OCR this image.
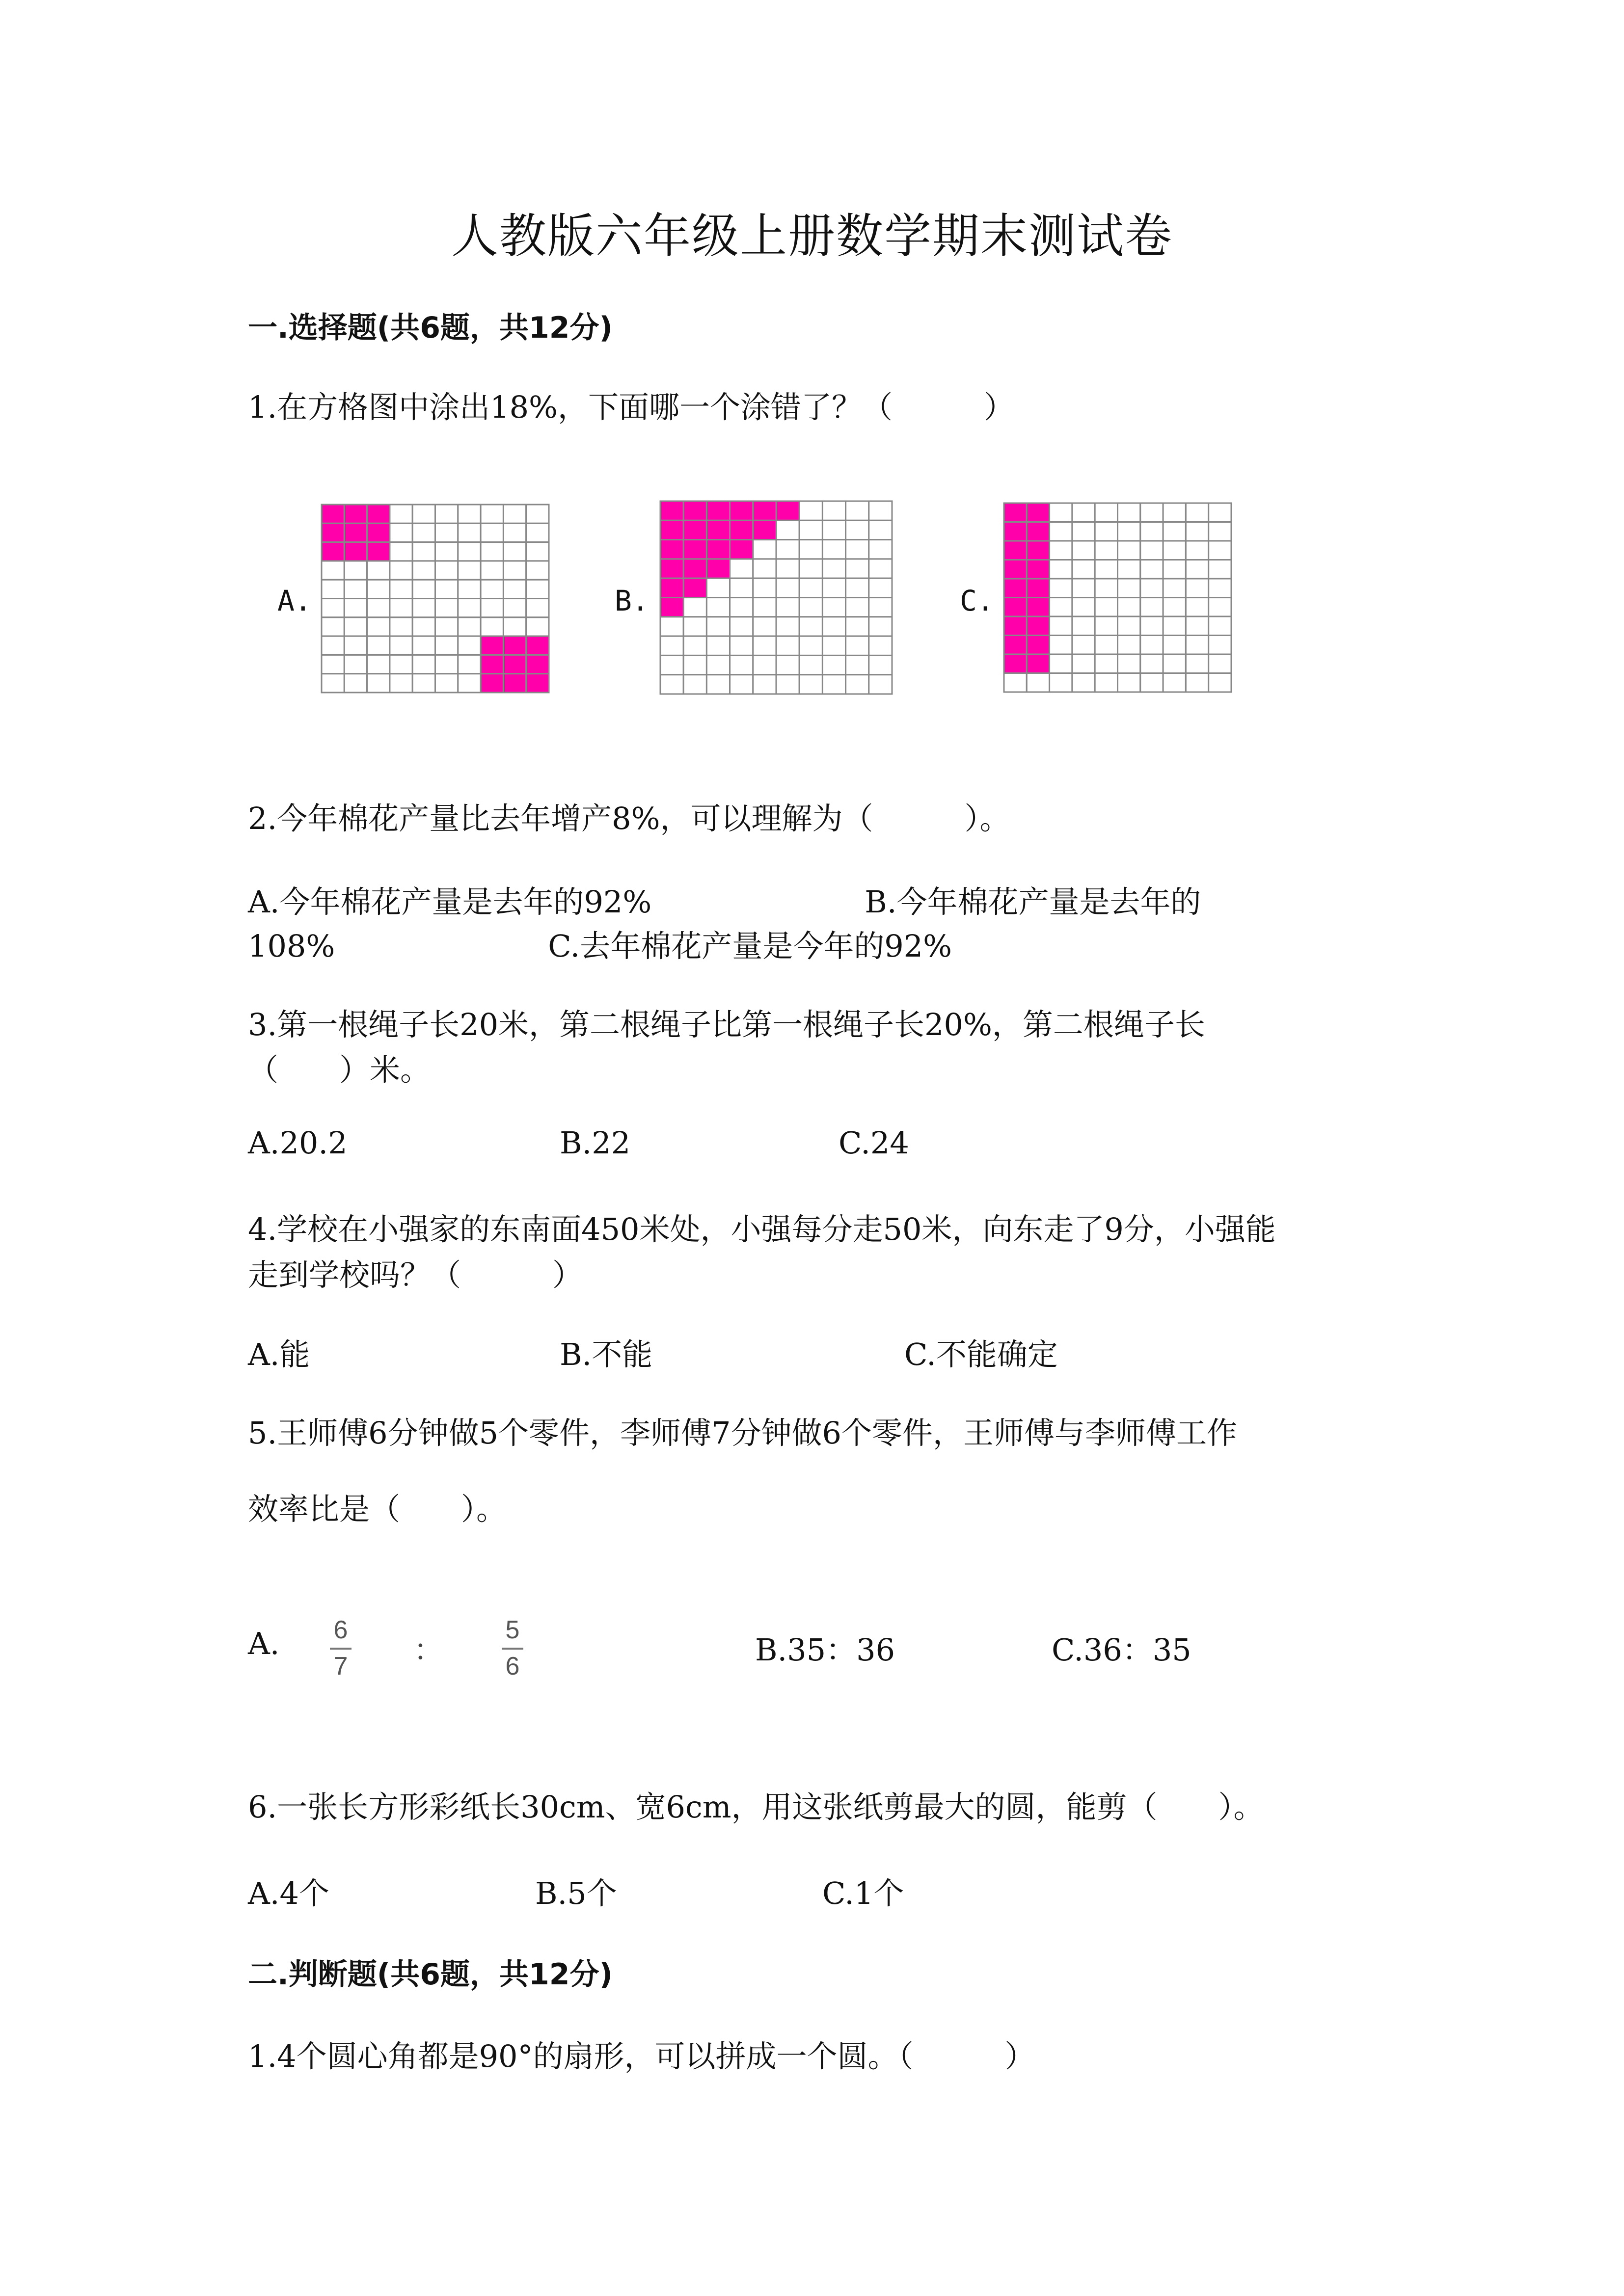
人教版六年级上册数学期末测试卷
一.选择题(共6题，共12分)
1.在方格图中涂出18%，下面哪一个涂错了？（　　　）
A.	B.	C.
2.今年棉花产量比去年增产8%，可以理解为（　　　）。
A.今年棉花产量是去年的92%　　　　　　　B.今年棉花产量是去年的
108%　　　　　　　C.去年棉花产量是今年的92%
3.第一根绳子长20米，第二根绳子比第一根绳子长20%，第二根绳子长
（　　）米。
A.20.2	B.22	C.24
4.学校在小强家的东南面450米处，小强每分走50米，向东走了9分，小强能
走到学校吗？（　　　）
A.能	B.不能	C.不能确定
5.王师傅6分钟做5个零件，李师傅7分钟做6个零件，王师傅与李师傅工作
效率比是（　　）。
A. 6
7 ：
5
6	B.35：36	C.36：35
6.一张长方形彩纸长30cm、宽6cm，用这张纸剪最大的圆，能剪（　　）。
A.4个	B.5个	C.1个
二.判断题(共6题，共12分)
1.4个圆心角都是90°的扇形，可以拼成一个圆。（　　　）
